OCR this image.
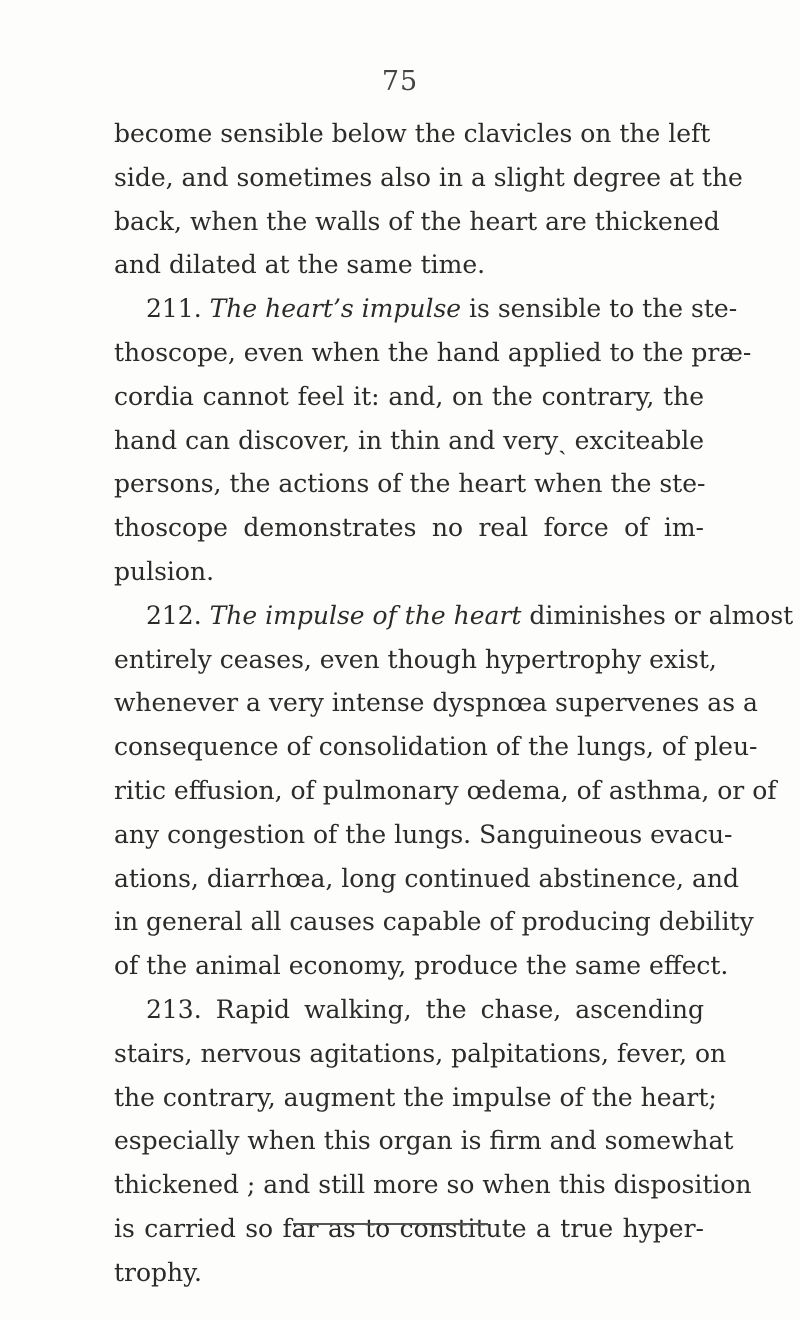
75
become sensible below the clavicles on the left
side, and sometimes also in a slight degree at the
back, when the walls of the heart are thickened
and dilated at the same time.
211. The heart’s impulse is sensible to the ste-
thoscope, even when the hand applied to the præ-
cordia cannot feel it: and, on the contrary, the
hand can discover, in thin and veryˎ exciteable
persons, the actions of the heart when the ste-
thoscope demonstrates no real force of im-
pulsion.
212. The impulse of the heart diminishes or almost
entirely ceases, even though hypertrophy exist,
whenever a very intense dyspnœa supervenes as a
consequence of consolidation of the lungs, of pleu-
ritic effusion, of pulmonary œdema, of asthma, or of
any congestion of the lungs. Sanguineous evacu-
ations, diarrhœa, long continued abstinence, and
in general all causes capable of producing debility
of the animal economy, produce the same effect.
213. Rapid walking, the chase, ascending
stairs, nervous agitations, palpitations, fever, on
the contrary, augment the impulse of the heart;
especially when this organ is firm and somewhat
thickened ; and still more so when this disposition
is carried so far as to constitute a true hyper-
trophy.
